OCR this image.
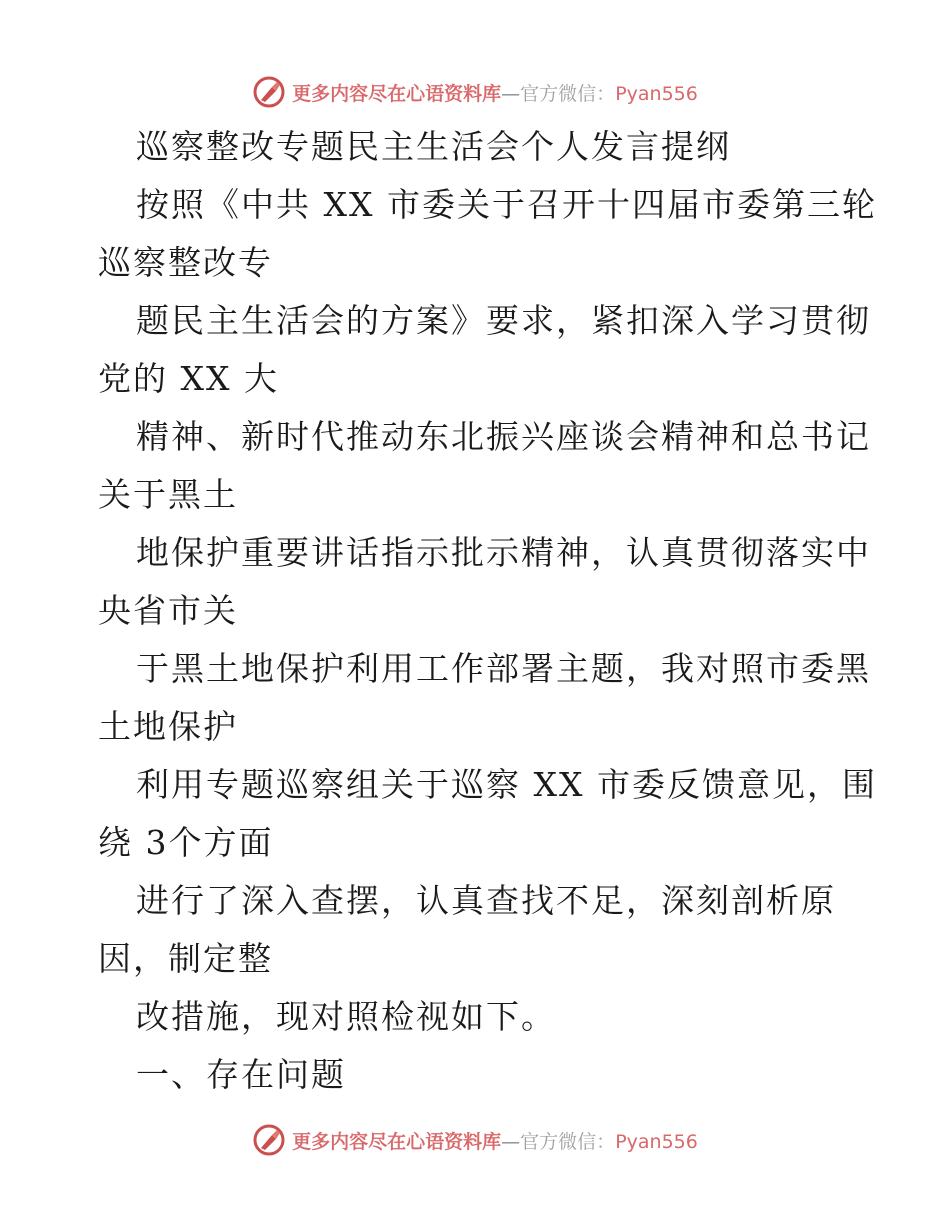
更多内容尽在心语资料库—官方微信：Pyan556
巡察整改专题民主生活会个人发言提纲
按照《中共 XX 市委关于召开十四届市委第三轮
巡察整改专
题民主生活会的方案》要求，紧扣深入学习贯彻
党的 XX 大
精神、新时代推动东北振兴座谈会精神和总书记
关于黑土
地保护重要讲话指示批示精神，认真贯彻落实中
央省市关
于黑土地保护利用工作部署主题，我对照市委黑
土地保护
利用专题巡察组关于巡察 XX 市委反馈意见，围
绕 3个方面
进行了深入查摆，认真查找不足，深刻剖析原
因，制定整
改措施，现对照检视如下。
一、存在问题
更多内容尽在心语资料库—官方微信：Pyan556
